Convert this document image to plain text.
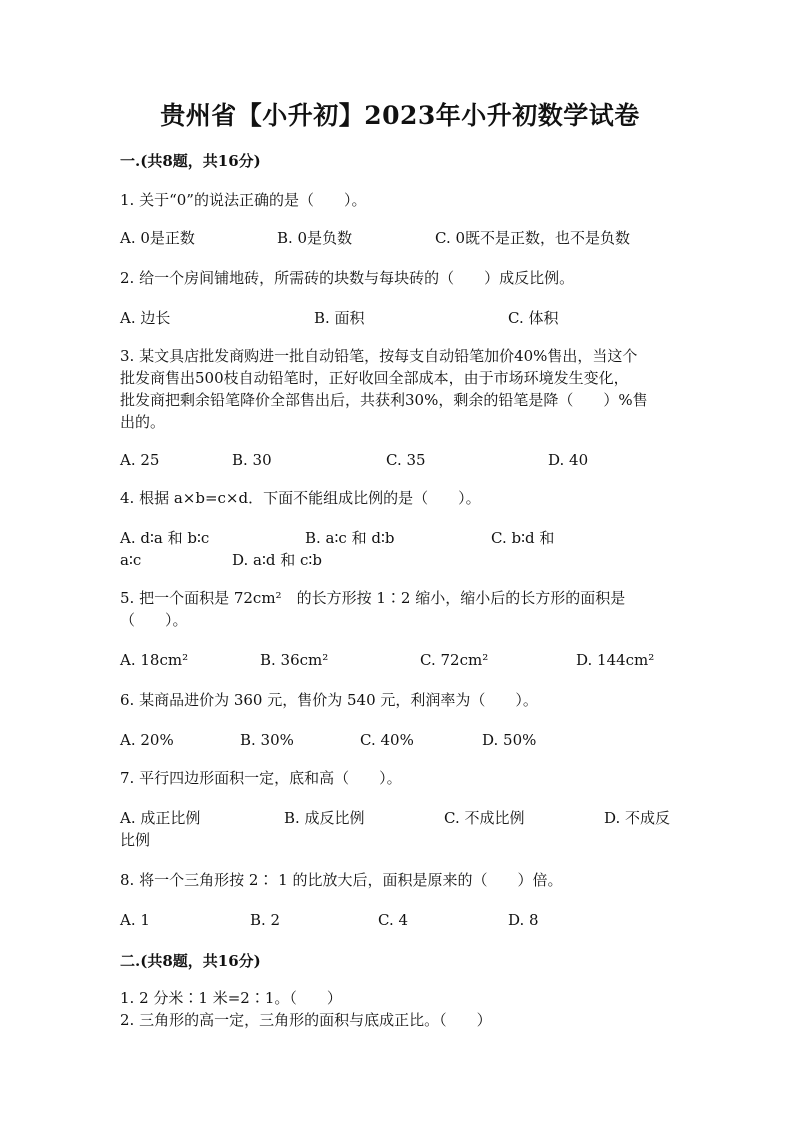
贵州省【小升初】2023年小升初数学试卷
一.(共8题，共16分)
1. 关于“0”的说法正确的是（　　）。
A. 0是正数	B. 0是负数	C. 0既不是正数，也不是负数
2. 给一个房间铺地砖，所需砖的块数与每块砖的（　　）成反比例。
A. 边长	B. 面积	C. 体积
3. 某文具店批发商购进一批自动铅笔，按每支自动铅笔加价40%售出，当这个
批发商售出500枝自动铅笔时，正好收回全部成本，由于市场环境发生变化，
批发商把剩余铅笔降价全部售出后，共获利30%，剩余的铅笔是降（　　）%售
出的。
A. 25	B. 30	C. 35	D. 40
4. 根据 a×b=c×d．下面不能组成比例的是（　　）。
A. d∶a 和 b∶c	B. a∶c 和 d∶b	C. b∶d 和
a∶c	D. a∶d 和 c∶b
5. 把一个面积是 72cm²　的长方形按 1∶2 缩小，缩小后的长方形的面积是
（　　）。
A. 18cm²	B. 36cm²	C. 72cm²	D. 144cm²
6. 某商品进价为 360 元，售价为 540 元，利润率为（　　）。
A. 20%	B. 30%	C. 40%	D. 50%
7. 平行四边形面积一定，底和高（　　）。
A. 成正比例	B. 成反比例	C. 不成比例	D. 不成反
比例
8. 将一个三角形按 2∶ 1 的比放大后，面积是原来的（　　）倍。
A. 1	B. 2	C. 4	D. 8
二.(共8题，共16分)
1. 2 分米∶1 米=2∶1。（　　）
2. 三角形的高一定，三角形的面积与底成正比。（　　）
